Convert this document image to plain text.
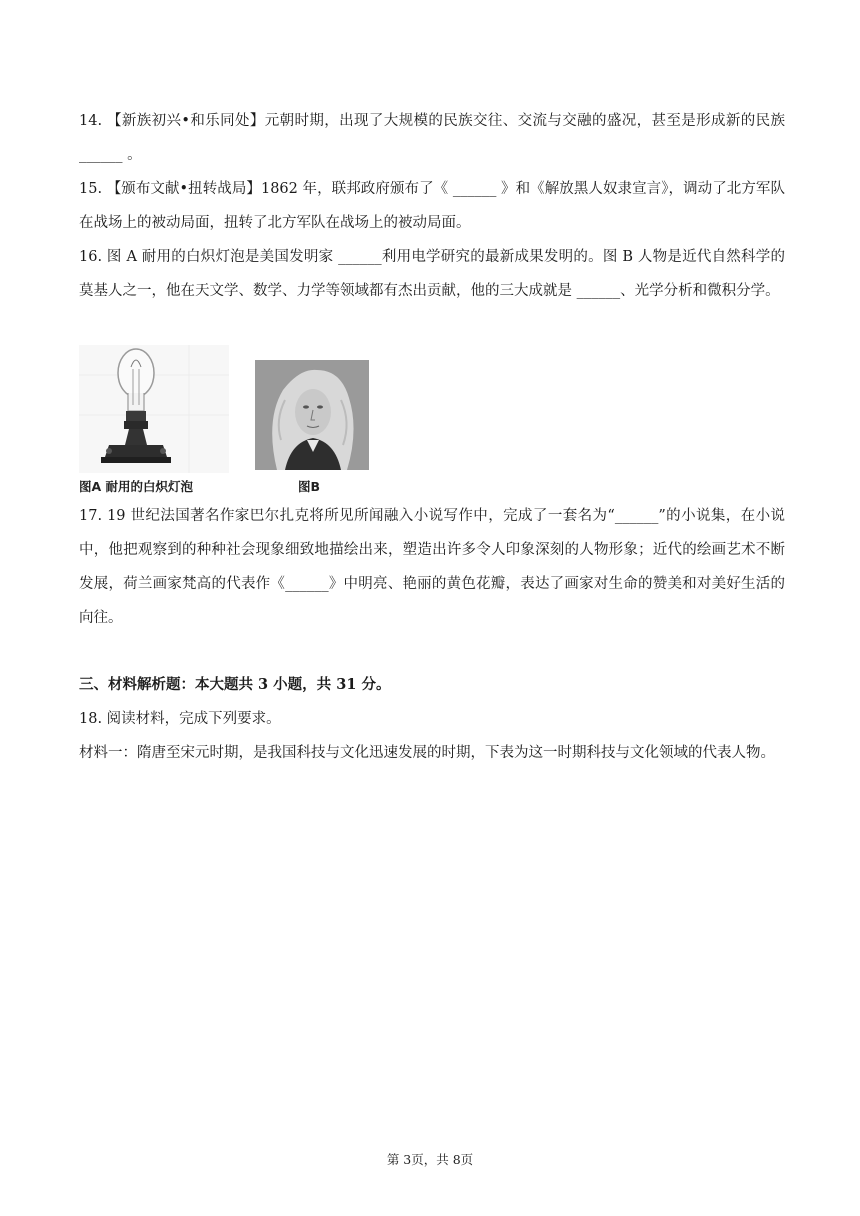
14. 【新族初兴•和乐同处】元朝时期，出现了大规模的民族交往、交流与交融的盛况，甚至是形成新的民族 ______ 。

15. 【颁布文献•扭转战局】1862 年，联邦政府颁布了《 ______ 》和《解放黑人奴隶宣言》，调动了北方军队在战场上的被动局面，扭转了北方军队在战场上的被动局面。

16. 图 A 耐用的白炽灯泡是美国发明家 ______利用电学研究的最新成果发明的。图 B 人物是近代自然科学的莫基人之一，他在天文学、数学、力学等领域都有杰出贡献，他的三大成就是 ______、光学分析和微积分学。

图A 耐用的白炽灯泡	图B

17. 19 世纪法国著名作家巴尔扎克将所见所闻融入小说写作中，完成了一套名为“______”的小说集，在小说中，他把观察到的种种社会现象细致地描绘出来，塑造出许多令人印象深刻的人物形象；近代的绘画艺术不断发展，荷兰画家梵高的代表作《______》中明亮、艳丽的黄色花瓣，表达了画家对生命的赞美和对美好生活的向往。

三、材料解析题：本大题共 3 小题，共 31 分。

18. 阅读材料，完成下列要求。

材料一：隋唐至宋元时期，是我国科技与文化迅速发展的时期，下表为这一时期科技与文化领域的代表人物。

第 3页，共 8页
